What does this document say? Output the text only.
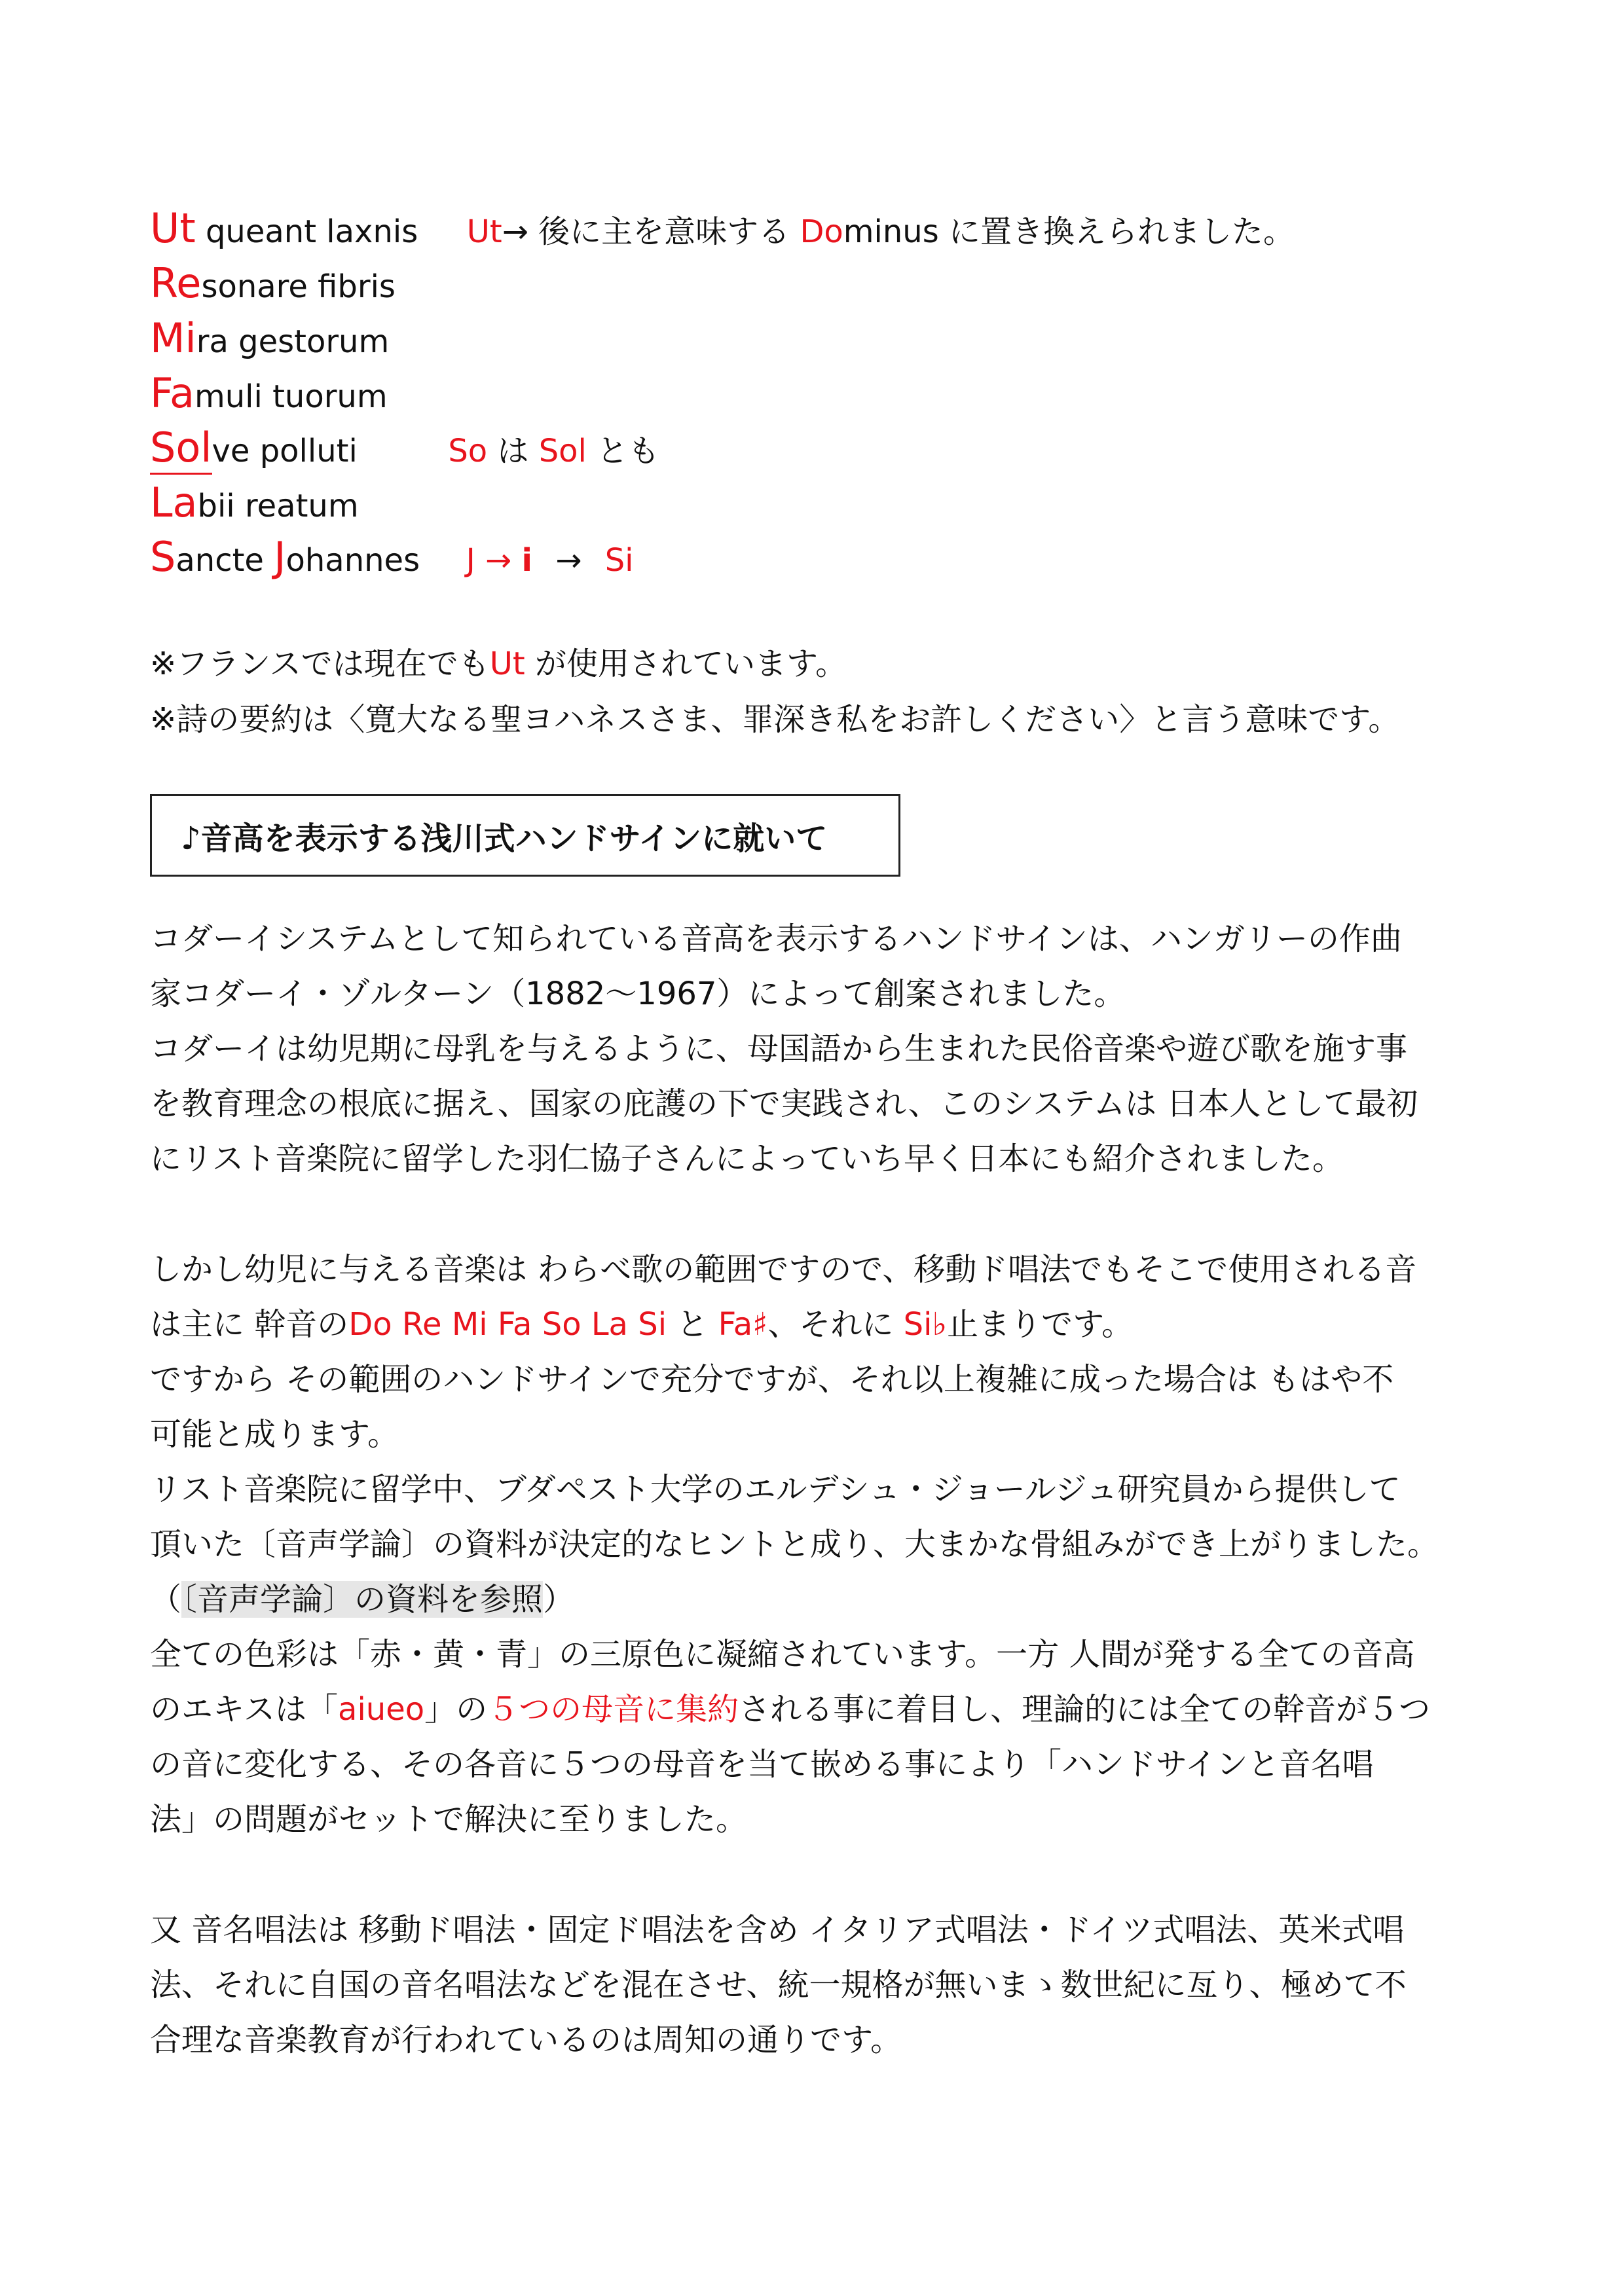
Ut queant laxnis Ut→ 後に主を意味する Dominus に置き換えられました。
Resonare fibris
Mira gestorum
Famuli tuorum
Solve polluti	So は Sol とも
Labii reatum
Sancte Johannes J → i → Si
※フランスでは現在でもUt が使用されています。
※詩の要約は〈寛大なる聖ヨハネスさま、罪深き私をお許しください〉と言う意味です。
♪音高を表示する浅川式ハンドサインに就いて
コダーイシステムとして知られている音高を表示するハンドサインは、ハンガリーの作曲
家コダーイ・ゾルターン（1882～1967）によって創案されました。
コダーイは幼児期に母乳を与えるように、母国語から生まれた民俗音楽や遊び歌を施す事
を教育理念の根底に据え、国家の庇護の下で実践され、このシステムは 日本人として最初
にリスト音楽院に留学した羽仁協子さんによっていち早く日本にも紹介されました。
しかし幼児に与える音楽は わらべ歌の範囲ですので、移動ド唱法でもそこで使用される音
は主に 幹音のDo Re Mi Fa So La Si と Fa♯、それに Si♭止まりです。
ですから その範囲のハンドサインで充分ですが、それ以上複雑に成った場合は もはや不
可能と成ります。
リスト音楽院に留学中、ブダペスト大学のエルデシュ・ジョールジュ研究員から提供して
頂いた〔音声学論〕の資料が決定的なヒントと成り、大まかな骨組みができ上がりました。
（〔音声学論〕の資料を参照）
全ての色彩は「赤・黄・青」の三原色に凝縮されています。一方 人間が発する全ての音高
のエキスは「aiueo」の５つの母音に集約される事に着目し、理論的には全ての幹音が５つ
の音に変化する、その各音に５つの母音を当て嵌める事により「ハンドサインと音名唱
法」の問題がセットで解決に至りました。
又 音名唱法は 移動ド唱法・固定ド唱法を含め イタリア式唱法・ドイツ式唱法、英米式唱
法、それに自国の音名唱法などを混在させ、統一規格が無いまゝ数世紀に亙り、極めて不
合理な音楽教育が行われているのは周知の通りです。
